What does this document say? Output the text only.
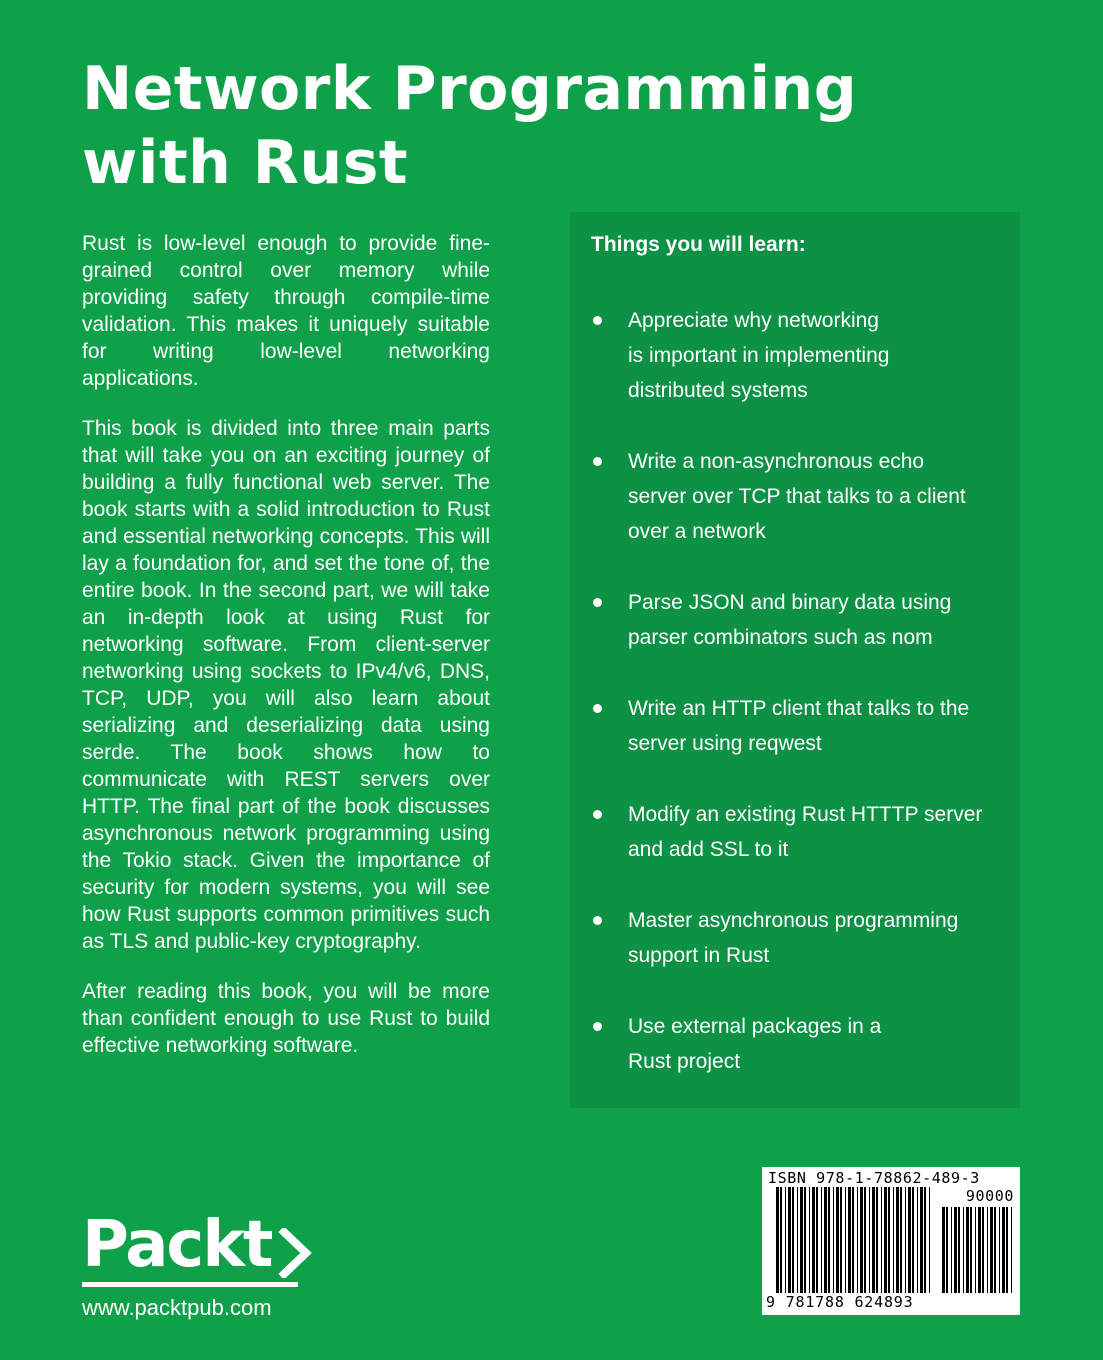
Network Programming
with Rust

Rust is low-level enough to provide fine-grained control over memory while providing safety through compile-time validation. This makes it uniquely suitable for writing low-level networking applications.

This book is divided into three main parts that will take you on an exciting journey of building a fully functional web server. The book starts with a solid introduction to Rust and essential networking concepts. This will lay a foundation for, and set the tone of, the entire book. In the second part, we will take an in-depth look at using Rust for networking software. From client-server networking using sockets to IPv4/v6, DNS, TCP, UDP, you will also learn about serializing and deserializing data using serde. The book shows how to communicate with REST servers over HTTP. The final part of the book discusses asynchronous network programming using the Tokio stack. Given the importance of security for modern systems, you will see how Rust supports common primitives such as TLS and public-key cryptography.

After reading this book, you will be more than confident enough to use Rust to build effective networking software.

Things you will learn:
Appreciate why networking
is important in implementing
distributed systems
Write a non-asynchronous echo
server over TCP that talks to a client
over a network
Parse JSON and binary data using
parser combinators such as nom
Write an HTTP client that talks to the
server using reqwest
Modify an existing Rust HTTTP server
and add SSL to it
Master asynchronous programming
support in Rust
Use external packages in a
Rust project
Packt
www.packtpub.com
ISBN 978-1-78862-489-3
90000
9 781788 624893
